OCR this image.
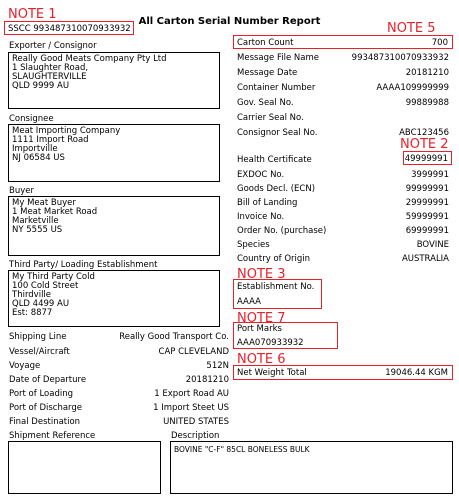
All Carton Serial Number Report
NOTE 1
SSCC 993487310070933932
Exporter / Consignor
Really Good Meats Company Pty Ltd
1 Slaughter Road,
SLAUGHTERVILLE
QLD 9999 AU
Consignee
Meat Importing Company
1111 Import Road
Importville
NJ 06584 US
Buyer
My Meat Buyer
1 Meat Market Road
Marketville
NY 5555 US
Third Party/ Loading Establishment
My Third Party Cold
100 Cold Street
Thirdville
QLD 4499 AU
Est: 8877
NOTE 5
Carton Count	700
Message File Name	993487310070933932
Message Date	20181210
Container Number	AAAA109999999
Gov. Seal No.	99889988
Carrier Seal No.
Consignor Seal No.	ABC123456
NOTE 2
Health Certificate	49999991
EXDOC No.	3999991
Goods Decl. (ECN)	99999991
Bill of Landing	29999991
Invoice No.	59999991
Order No. (purchase)	69999991
Species	BOVINE
Country of Origin	AUSTRALIA
NOTE 3
Establishment No.
AAAA
NOTE 7
Port Marks
AAA070933932
NOTE 6
Net Weight Total	19046.44 KGM
Shipping Line	Really Good Transport Co.
Vessel/Aircraft	CAP CLEVELAND
Voyage	512N
Date of Departure	20181210
Port of Loading	1 Export Road AU
Port of Discharge	1 Import Steet US
Final Destination	UNITED STATES
Shipment Reference	Description
BOVINE "C-F" 85CL BONELESS BULK
